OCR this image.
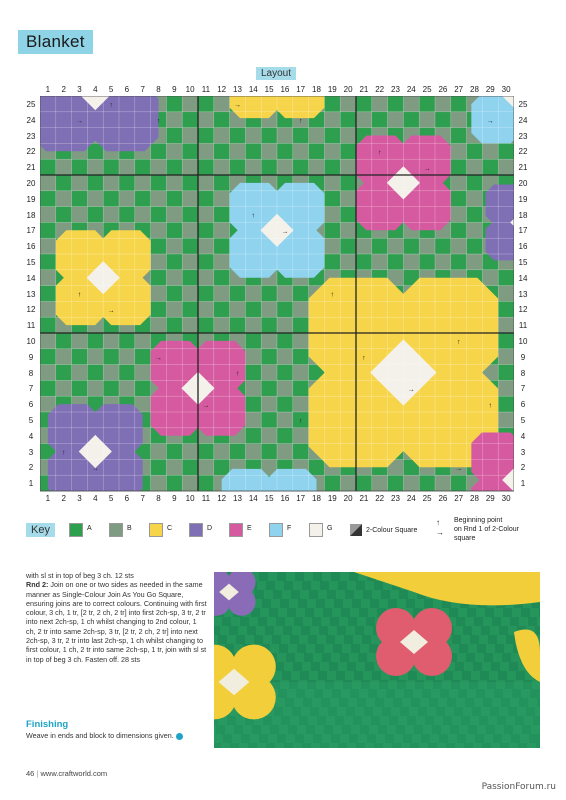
Blanket
Layout
→
↑
↑
→
↑	→
↑
→
↑
→
↑
→
↑
→
↑
→
↑
↑
↑
→	→
↑
→
↑
Key	A	B	C	D	E	F	G	2-Colour Square
↑ →
Beginning point
on Rnd 1 of 2-Colour
square

with sl st in top of beg 3 ch. 12 sts

Rnd 2: Join on one or two sides as needed in the same manner as Single-Colour Join As You Go Square, ensuring joins are to correct colours. Continuing with first colour, 3 ch, 1 tr, [2 tr, 2 ch, 2 tr] into first 2ch-sp, 3 tr, 2 tr into next 2ch-sp, 1 ch whilst changing to 2nd colour, 1 ch, 2 tr into same 2ch-sp, 3 tr, [2 tr, 2 ch, 2 tr] into next 2ch-sp, 3 tr, 2 tr into last 2ch-sp, 1 ch whilst changing to first colour, 1 ch, 2 tr into same 2ch-sp, 1 tr, join with sl st in top of beg 3 ch. Fasten off. 28 sts

Finishing
Weave in ends and block to dimensions given.
46 | www.craftworld.com
PassionForum.ru
1
1
2
2
3
3
4
4
5
5
6
6
7
7
8
8
9
9
10
10
11
11
12
12
13
13
14
14
15
15
16
16
17
17
18
18
19
19
20
20
21
21
22
22
23
23
24
24
25
25
26
26
27
27
28
28
29
29
30
30
25	25
24	24
23	23
22	22
21	21
20	20
19	19
18	18
17	17
16	16
15	15
14	14
13	13
12	12
11	11
10	10
9	9
8	8
7	7
6	6
5	5
4	4
3	3
2	2
1	1
